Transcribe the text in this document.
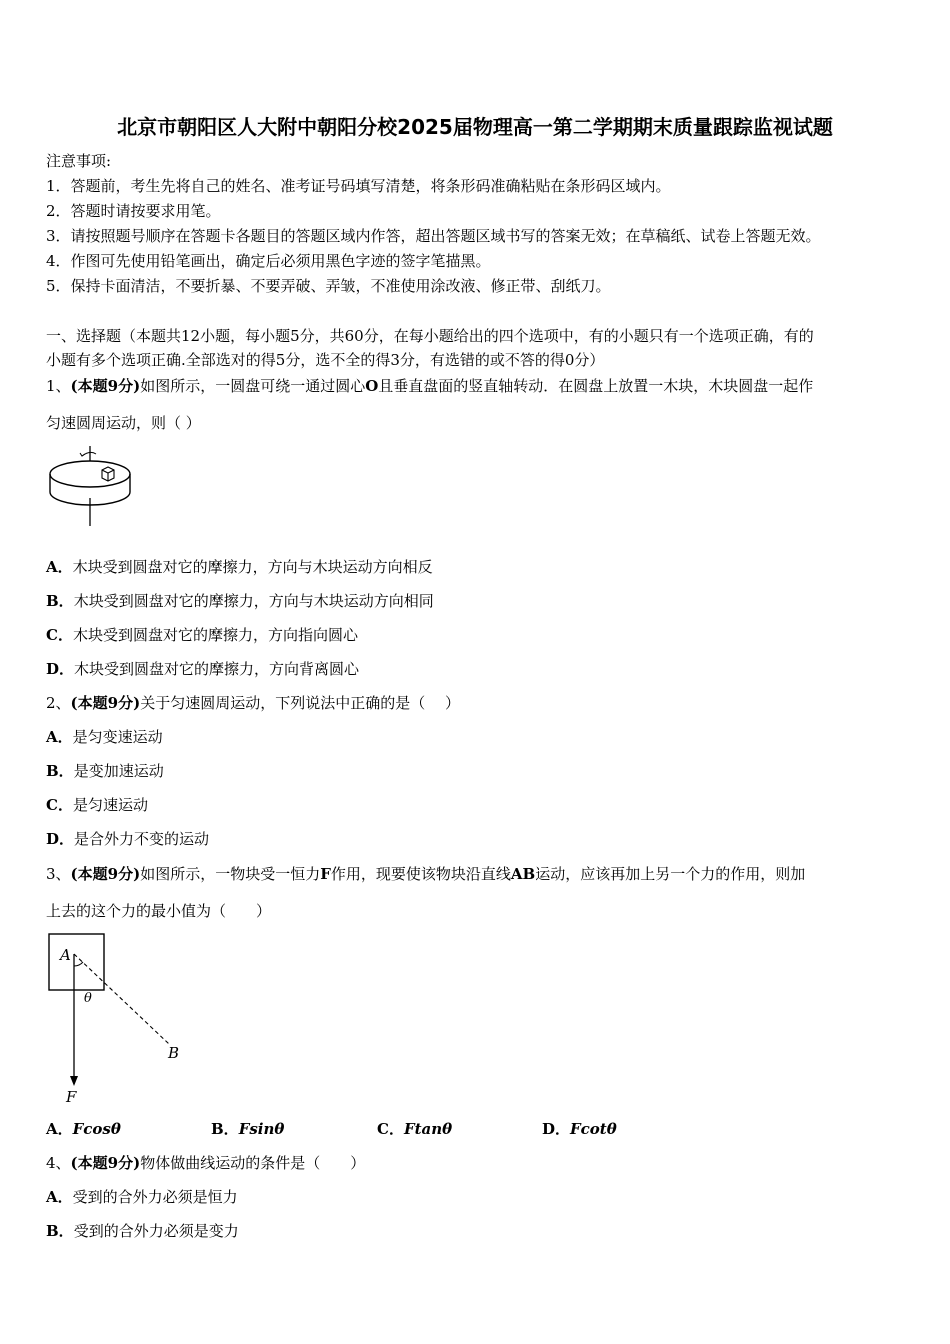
北京市朝阳区人大附中朝阳分校2025届物理高一第二学期期末质量跟踪监视试题
注意事项:
1．答题前，考生先将自己的姓名、准考证号码填写清楚，将条形码准确粘贴在条形码区域内。
2．答题时请按要求用笔。
3．请按照题号顺序在答题卡各题目的答题区域内作答，超出答题区域书写的答案无效；在草稿纸、试卷上答题无效。
4．作图可先使用铅笔画出，确定后必须用黑色字迹的签字笔描黑。
5．保持卡面清洁，不要折暴、不要弄破、弄皱，不准使用涂改液、修正带、刮纸刀。
一、选择题（本题共12小题，每小题5分，共60分，在每小题给出的四个选项中，有的小题只有一个选项正确，有的
小题有多个选项正确.全部选对的得5分，选不全的得3分，有选错的或不答的得0分）
1、(本题9分)如图所示，一圆盘可绕一通过圆心O且垂直盘面的竖直轴转动．在圆盘上放置一木块，木块圆盘一起作
匀速圆周运动，则（ ）
A．木块受到圆盘对它的摩擦力，方向与木块运动方向相反
B．木块受到圆盘对它的摩擦力，方向与木块运动方向相同
C．木块受到圆盘对它的摩擦力，方向指向圆心
D．木块受到圆盘对它的摩擦力，方向背离圆心
2、(本题9分)关于匀速圆周运动，下列说法中正确的是（　 ）
A．是匀变速运动
B．是变加速运动
C．是匀速运动
D．是合外力不变的运动
3、(本题9分)如图所示，一物块受一恒力F作用，现要使该物块沿直线AB运动，应该再加上另一个力的作用，则加
上去的这个力的最小值为（　　）
A
θ
B
F
A．Fcosθ	B．Fsinθ	C．Ftanθ	D．Fcotθ
4、(本题9分)物体做曲线运动的条件是（　　）
A．受到的合外力必须是恒力
B．受到的合外力必须是变力
